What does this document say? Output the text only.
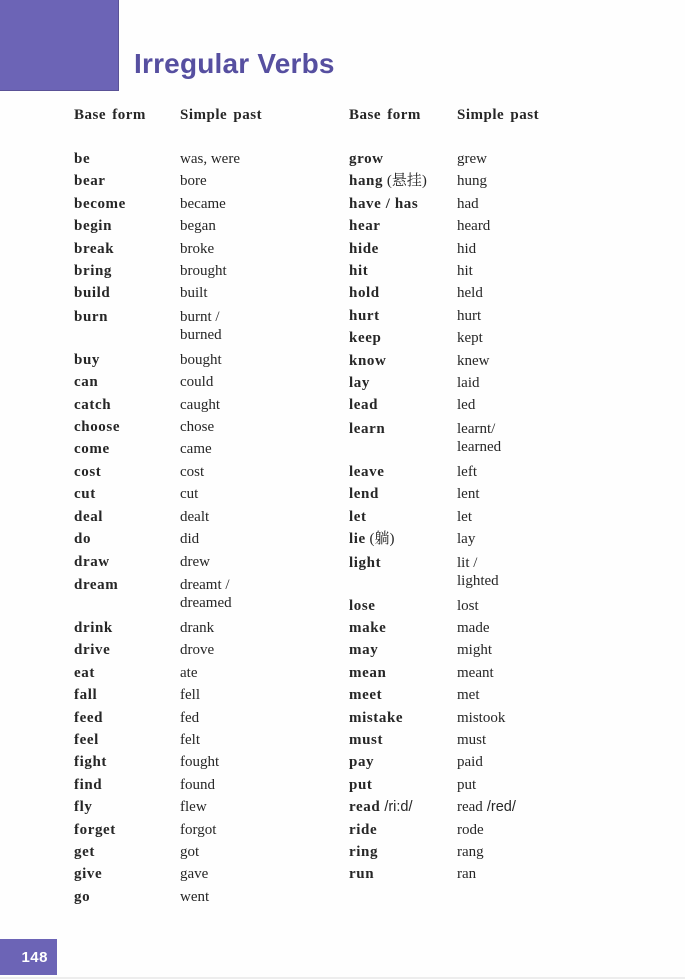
Irregular Verbs
Base form	Simple past
be	was, were
bear	bore
become	became
begin	began
break	broke
bring	brought
build	built
burn	burnt /
burned
buy	bought
can	could
catch	caught
choose	chose
come	came
cost	cost
cut	cut
deal	dealt
do	did
draw	drew
dream	dreamt /
dreamed
drink	drank
drive	drove
eat	ate
fall	fell
feed	fed
feel	felt
fight	fought
find	found
fly	flew
forget	forgot
get	got
give	gave
go	went
Base form	Simple past
grow	grew
hang (悬挂)	hung
have / has	had
hear	heard
hide	hid
hit	hit
hold	held
hurt	hurt
keep	kept
know	knew
lay	laid
lead	led
learn	learnt/
learned
leave	left
lend	lent
let	let
lie (躺)	lay
light	lit /
lighted
lose	lost
make	made
may	might
mean	meant
meet	met
mistake	mistook
must	must
pay	paid
put	put
read /ri:d/	read /red/
ride	rode
ring	rang
run	ran
148
